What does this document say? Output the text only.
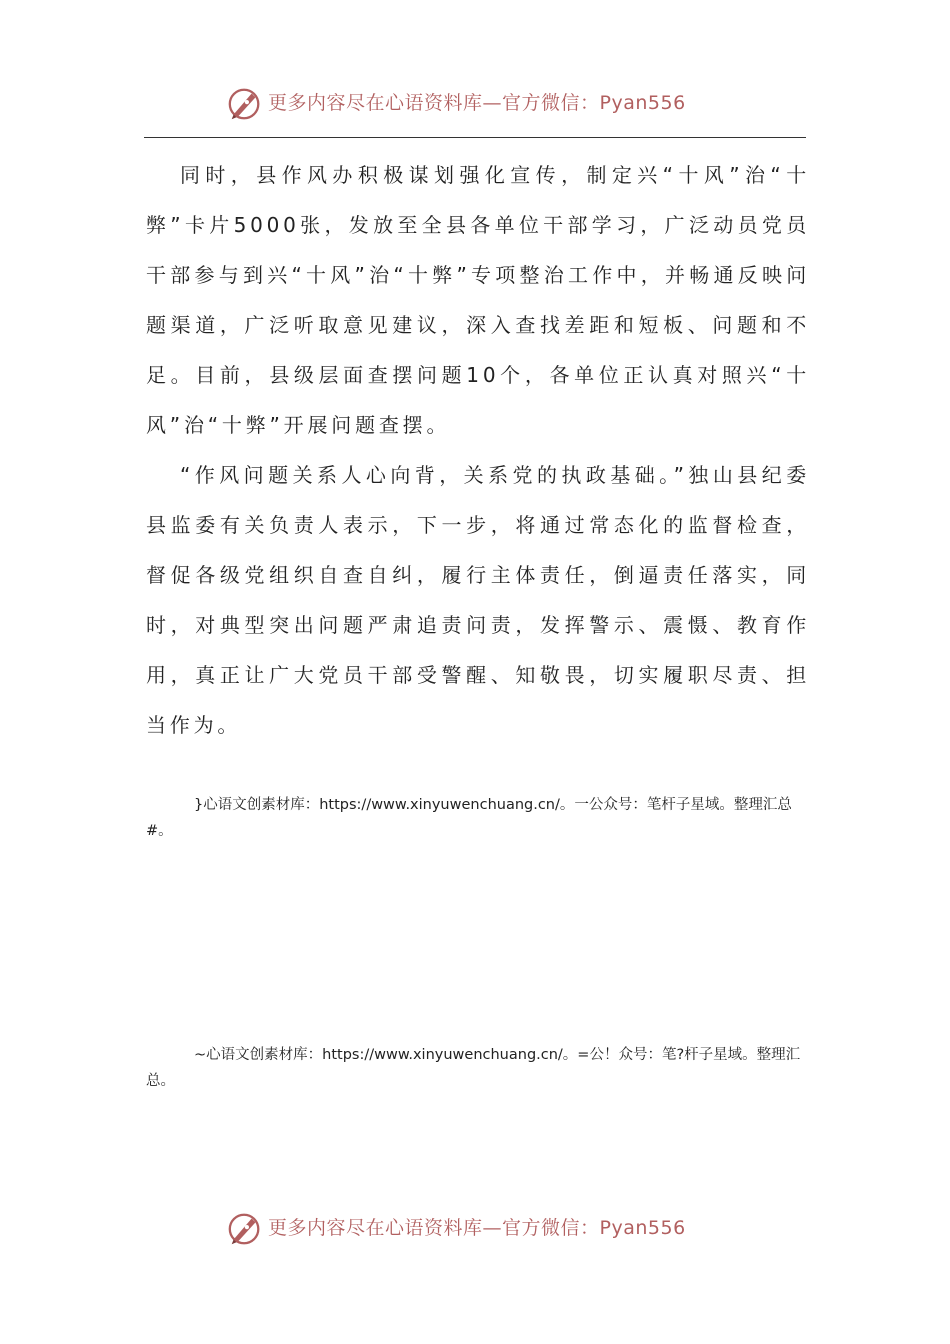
更多内容尽在心语资料库—官方微信：Pyan556

同时，县作风办积极谋划强化宣传，制定兴“十风”治“十弊”卡片5000张，发放至全县各单位干部学习，广泛动员党员干部参与到兴“十风”治“十弊”专项整治工作中，并畅通反映问题渠道，广泛听取意见建议，深入查找差距和短板、问题和不足。目前，县级层面查摆问题10个，各单位正认真对照兴“十风”治“十弊”开展问题查摆。

“作风问题关系人心向背，关系党的执政基础。”独山县纪委县监委有关负责人表示，下一步，将通过常态化的监督检查，督促各级党组织自查自纠，履行主体责任，倒逼责任落实，同时，对典型突出问题严肃追责问责，发挥警示、震慑、教育作用，真正让广大党员干部受警醒、知敬畏，切实履职尽责、担当作为。

}心语文创素材库：https://www.xinyuwenchuang.cn/。一公众号：笔杆子星域。整理汇总#。

~心语文创素材库：https://www.xinyuwenchuang.cn/。=公！众号：笔?杆子星域。整理汇总。

更多内容尽在心语资料库—官方微信：Pyan556
